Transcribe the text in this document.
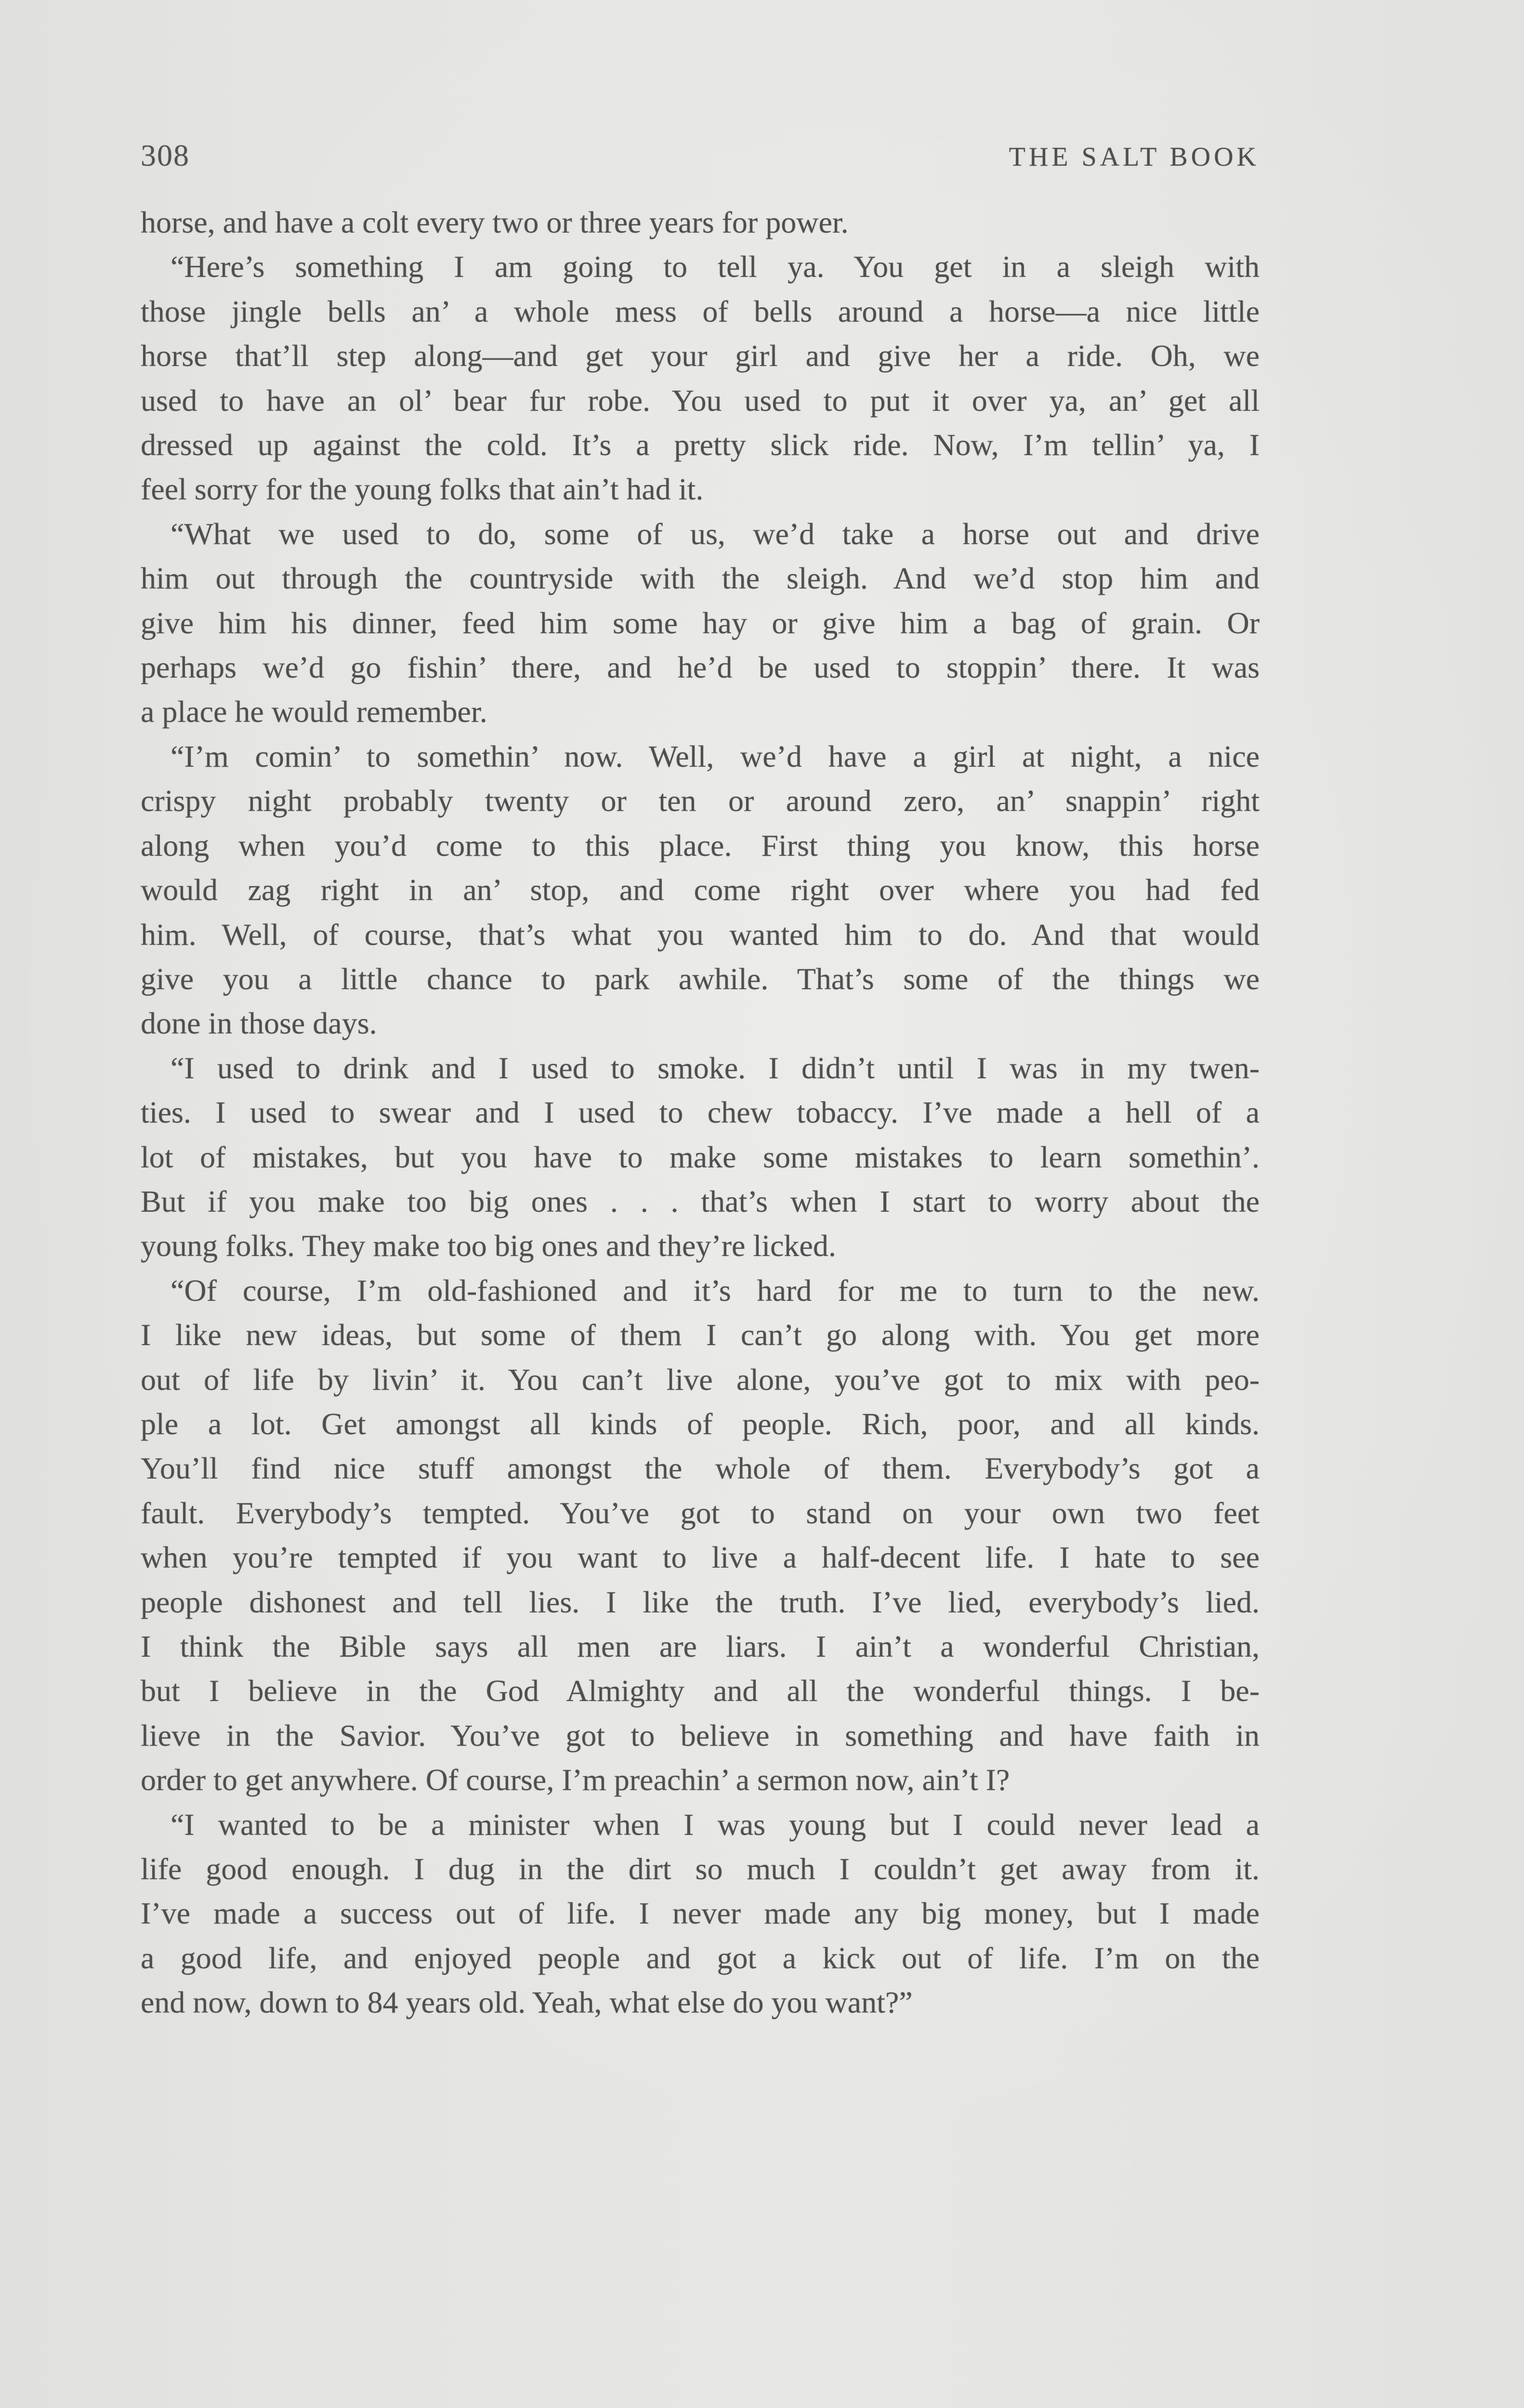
308	THE SALT BOOK
horse, and have a colt every two or three years for power.
“Here’s something I am going to tell ya. You get in a sleigh with
those jingle bells an’ a whole mess of bells around a horse—a nice little
horse that’ll step along—and get your girl and give her a ride. Oh, we
used to have an ol’ bear fur robe. You used to put it over ya, an’ get all
dressed up against the cold. It’s a pretty slick ride. Now, I’m tellin’ ya, I
feel sorry for the young folks that ain’t had it.
“What we used to do, some of us, we’d take a horse out and drive
him out through the countryside with the sleigh. And we’d stop him and
give him his dinner, feed him some hay or give him a bag of grain. Or
perhaps we’d go fishin’ there, and he’d be used to stoppin’ there. It was
a place he would remember.
“I’m comin’ to somethin’ now. Well, we’d have a girl at night, a nice
crispy night probably twenty or ten or around zero, an’ snappin’ right
along when you’d come to this place. First thing you know, this horse
would zag right in an’ stop, and come right over where you had fed
him. Well, of course, that’s what you wanted him to do. And that would
give you a little chance to park awhile. That’s some of the things we
done in those days.
“I used to drink and I used to smoke. I didn’t until I was in my twen-
ties. I used to swear and I used to chew tobaccy. I’ve made a hell of a
lot of mistakes, but you have to make some mistakes to learn somethin’.
But if you make too big ones . . . that’s when I start to worry about the
young folks. They make too big ones and they’re licked.
“Of course, I’m old-fashioned and it’s hard for me to turn to the new.
I like new ideas, but some of them I can’t go along with. You get more
out of life by livin’ it. You can’t live alone, you’ve got to mix with peo-
ple a lot. Get amongst all kinds of people. Rich, poor, and all kinds.
You’ll find nice stuff amongst the whole of them. Everybody’s got a
fault. Everybody’s tempted. You’ve got to stand on your own two feet
when you’re tempted if you want to live a half-decent life. I hate to see
people dishonest and tell lies. I like the truth. I’ve lied, everybody’s lied.
I think the Bible says all men are liars. I ain’t a wonderful Christian,
but I believe in the God Almighty and all the wonderful things. I be-
lieve in the Savior. You’ve got to believe in something and have faith in
order to get anywhere. Of course, I’m preachin’ a sermon now, ain’t I?
“I wanted to be a minister when I was young but I could never lead a
life good enough. I dug in the dirt so much I couldn’t get away from it.
I’ve made a success out of life. I never made any big money, but I made
a good life, and enjoyed people and got a kick out of life. I’m on the
end now, down to 84 years old. Yeah, what else do you want?”
